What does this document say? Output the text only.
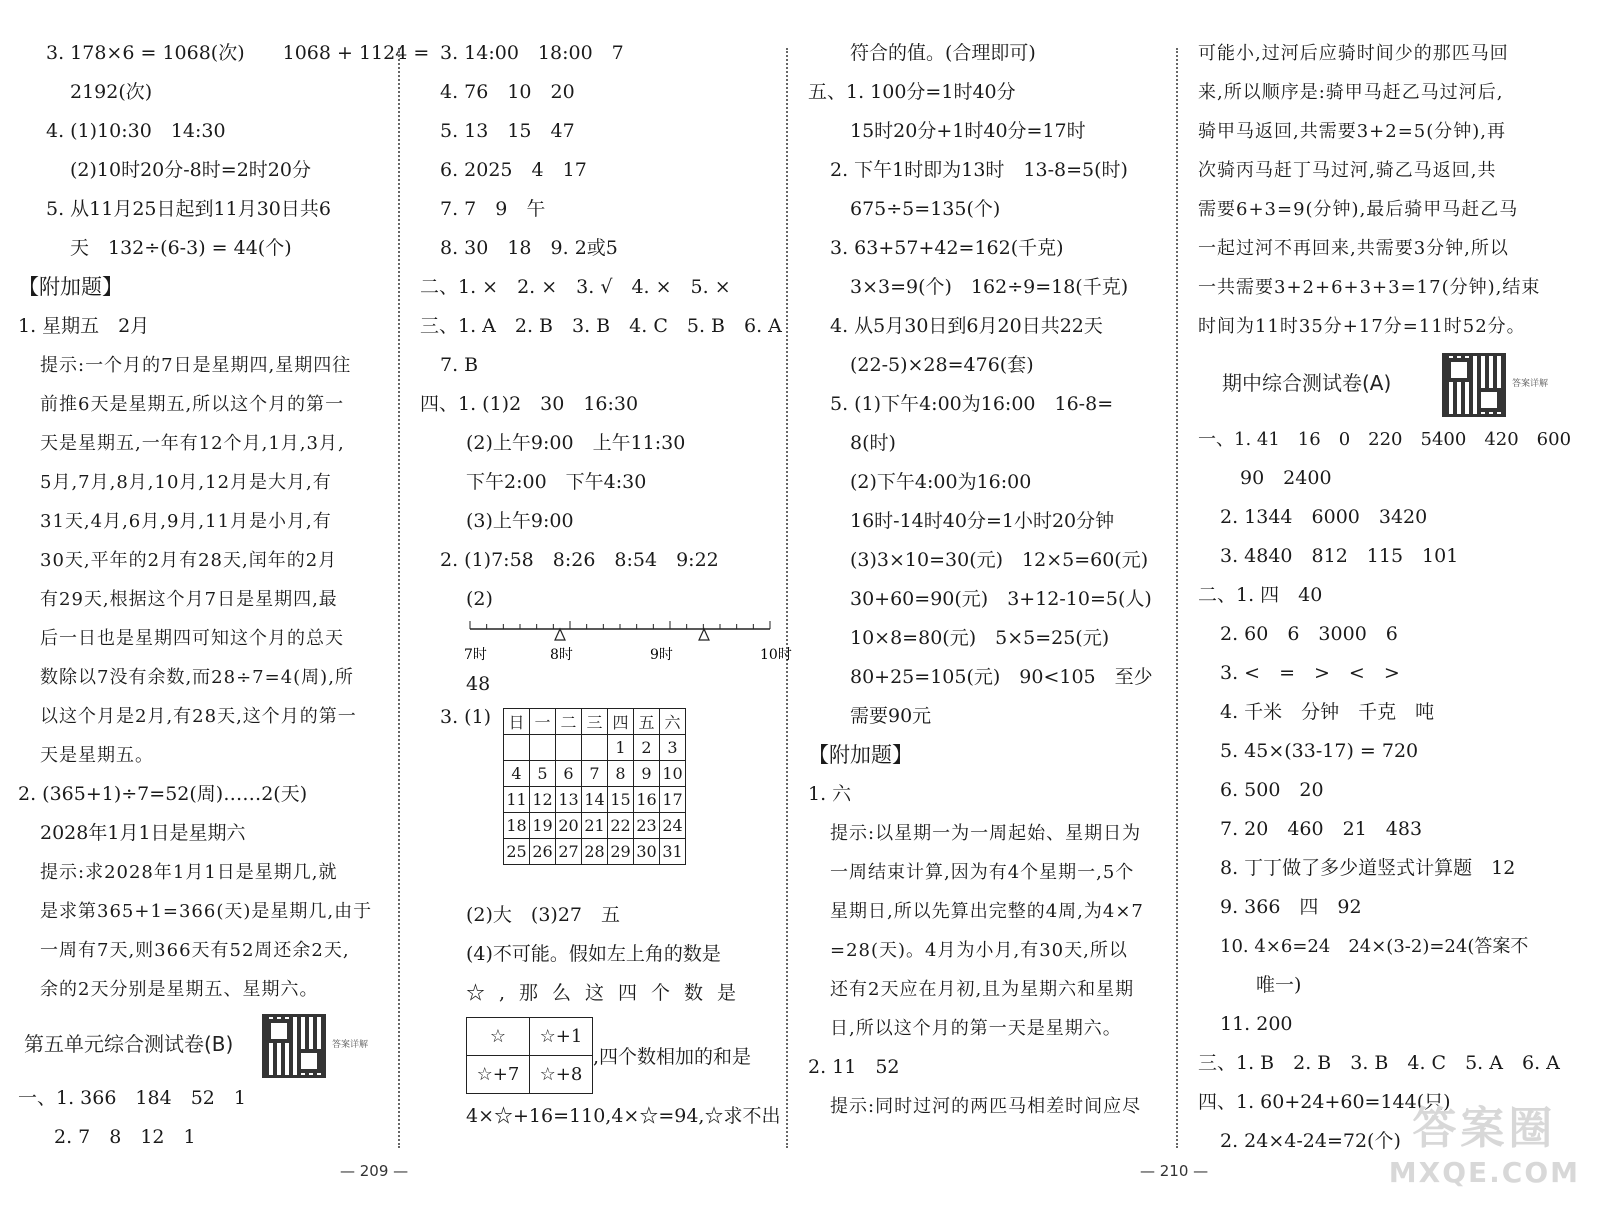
3. 178×6 = 1068(次)　　1068 + 1124 =
2192(次)
4. (1)10:30　14:30
(2)10时20分-8时=2时20分
5. 从11月25日起到11月30日共6
天　132÷(6-3) = 44(个)
【附加题】
1. 星期五　2月
提示:一个月的7日是星期四,星期四往
前推6天是星期五,所以这个月的第一
天是星期五,一年有12个月,1月,3月,
5月,7月,8月,10月,12月是大月,有
31天,4月,6月,9月,11月是小月,有
30天,平年的2月有28天,闰年的2月
有29天,根据这个月7日是星期四,最
后一日也是星期四可知这个月的总天
数除以7没有余数,而28÷7=4(周),所
以这个月是2月,有28天,这个月的第一
天是星期五。
2. (365+1)÷7=52(周)……2(天)
2028年1月1日是星期六
提示:求2028年1月1日是星期几,就
是求第365+1=366(天)是星期几,由于
一周有7天,则366天有52周还余2天,
余的2天分别是星期五、星期六。
第五单元综合测试卷(B)	答案详解
一、1. 366　184　52　1
2. 7　8　12　1
3. 14:00　18:00　7
4. 76　10　20
5. 13　15　47
6. 2025　4　17
7. 7　9　午
8. 30　18　9. 2或5
二、1. ×　2. ×　3. √　4. ×　5. ×
三、1. A　2. B　3. B　4. C　5. B　6. A
7. B
四、1. (1)2　30　16:30
(2)上午9:00　上午11:30
下午2:00　下午4:30
(3)上午9:00
2. (1)7:58　8:26　8:54　9:22
(2)
7时	8时	9时	10时
48
3. (1) 日	一	二	三	四	五	六
				1	2	3
4	5	6	7	8	9	10
11	12	13	14	15	16	17
18	19	20	21	22	23	24
25	26	27	28	29	30	31
(2)大　(3)27　五
(4)不可能。假如左上角的数是
☆,那么这四个数是
☆	☆+1
☆+7	☆+8
,四个数相加的和是
4×☆+16=110,4×☆=94,☆求不出
符合的值。(合理即可)
五、1. 100分=1时40分
15时20分+1时40分=17时
2. 下午1时即为13时　13-8=5(时)
675÷5=135(个)
3. 63+57+42=162(千克)
3×3=9(个)　162÷9=18(千克)
4. 从5月30日到6月20日共22天
(22-5)×28=476(套)
5. (1)下午4:00为16:00　16-8=
8(时)
(2)下午4:00为16:00
16时-14时40分=1小时20分钟
(3)3×10=30(元)　12×5=60(元)
30+60=90(元)　3+12-10=5(人)
10×8=80(元)　5×5=25(元)
80+25=105(元)　90<105　至少
需要90元
【附加题】
1. 六
提示:以星期一为一周起始、星期日为
一周结束计算,因为有4个星期一,5个
星期日,所以先算出完整的4周,为4×7
=28(天)。4月为小月,有30天,所以
还有2天应在月初,且为星期六和星期
日,所以这个月的第一天是星期六。
2. 11　52
提示:同时过河的两匹马相差时间应尽
可能小,过河后应骑时间少的那匹马回
来,所以顺序是:骑甲马赶乙马过河后,
骑甲马返回,共需要3+2=5(分钟),再
次骑丙马赶丁马过河,骑乙马返回,共
需要6+3=9(分钟),最后骑甲马赶乙马
一起过河不再回来,共需要3分钟,所以
一共需要3+2+6+3+3=17(分钟),结束
时间为11时35分+17分=11时52分。
期中综合测试卷(A)	答案详解
一、1. 41　16　0　220　5400　420　600
90　2400
2. 1344　6000　3420
3. 4840　812　115　101
二、1. 四　40
2. 60　6　3000　6
3. <　=　>　<　>
4. 千米　分钟　千克　吨
5. 45×(33-17) = 720
6. 500　20
7. 20　460　21　483
8. 丁丁做了多少道竖式计算题　12
9. 366　四　92
10. 4×6=24　24×(3-2)=24(答案不
唯一)
11. 200
三、1. B　2. B　3. B　4. C　5. A　6. A
四、1. 60+24+60=144(只)
2. 24×4-24=72(个)
— 209 —	— 210 —
答案圈
MXQE.COM
